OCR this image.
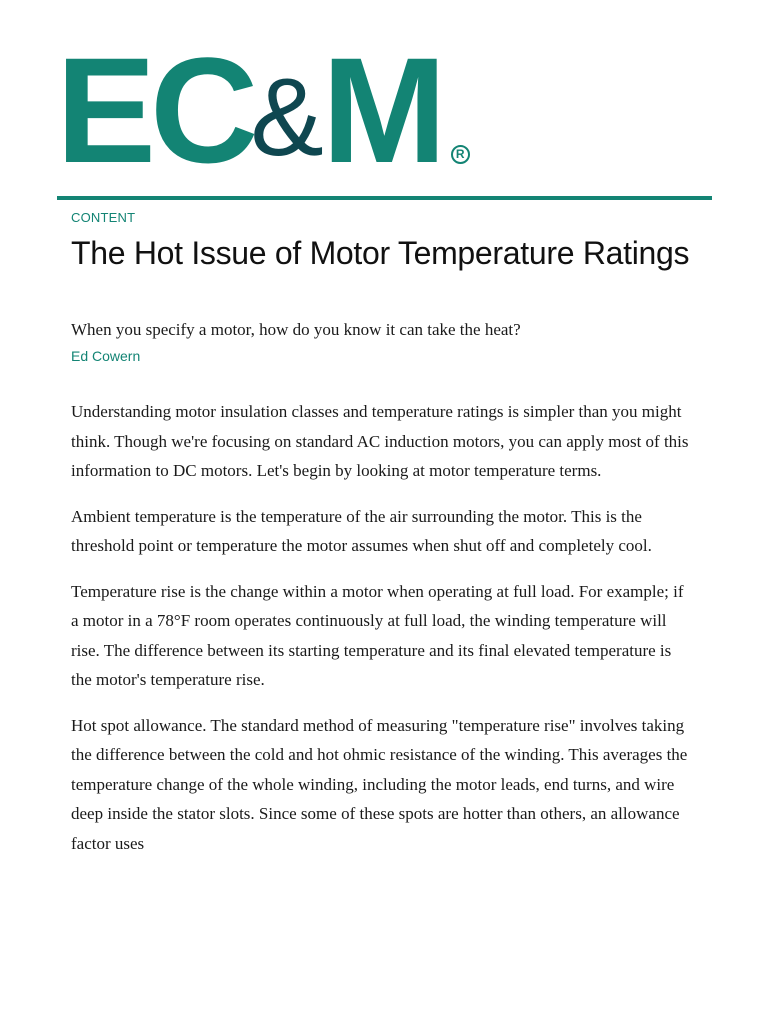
EC
&
M	R
CONTENT
The Hot Issue of Motor Temperature Ratings
When you specify a motor, how do you know it can take the heat?
Ed Cowern

Understanding motor insulation classes and temperature ratings is simpler than you might think. Though we're focusing on standard AC induction motors, you can apply most of this information to DC motors. Let's begin by looking at motor temperature terms.

Ambient temperature is the temperature of the air surrounding the motor. This is the threshold point or temperature the motor assumes when shut off and completely cool.

Temperature rise is the change within a motor when operating at full load. For example; if a motor in a 78°F room operates continuously at full load, the winding temperature will rise. The difference between its starting temperature and its final elevated temperature is the motor's temperature rise.

Hot spot allowance. The standard method of measuring "temperature rise" involves taking the difference between the cold and hot ohmic resistance of the winding. This averages the temperature change of the whole winding, including the motor leads, end turns, and wire deep inside the stator slots. Since some of these spots are hotter than others, an allowance factor uses
